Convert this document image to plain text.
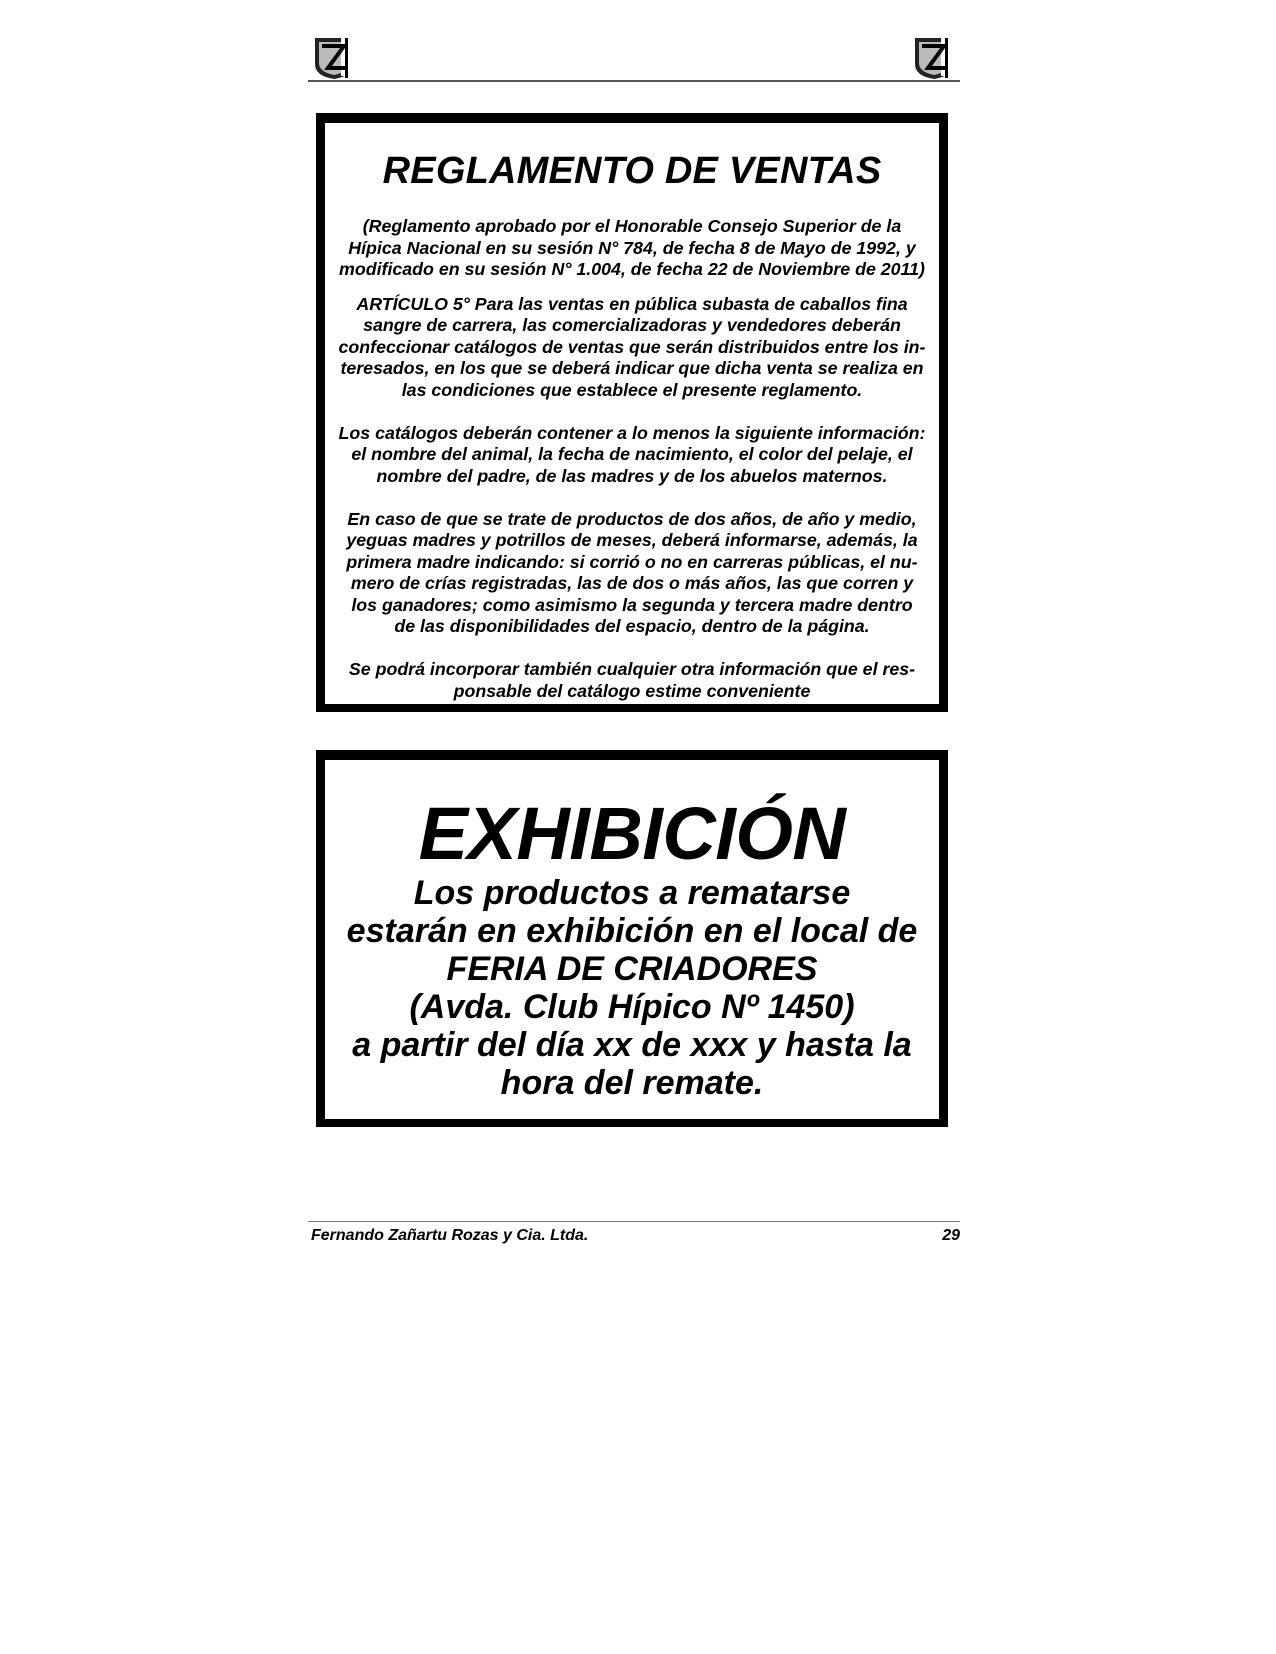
REGLAMENTO DE VENTAS

(Reglamento aprobado por el Honorable Consejo Superior de la
Hípica Nacional en su sesión N° 784, de fecha 8 de Mayo de 1992, y
modificado en su sesión N° 1.004, de fecha 22 de Noviembre de 2011)

ARTÍCULO 5° Para las ventas en pública subasta de caballos fina
sangre de carrera, las comercializadoras y vendedores deberán
confeccionar catálogos de ventas que serán distribuidos entre los in-
teresados, en los que se deberá indicar que dicha venta se realiza en
las condiciones que establece el presente reglamento.

Los catálogos deberán contener a lo menos la siguiente información:
el nombre del animal, la fecha de nacimiento, el color del pelaje, el
nombre del padre, de las madres y de los abuelos maternos.

En caso de que se trate de productos de dos años, de año y medio,
yeguas madres y potrillos de meses, deberá informarse, además, la
primera madre indicando: si corrió o no en carreras públicas, el nu-
mero de crías registradas, las de dos o más años, las que corren y
los ganadores; como asimismo la segunda y tercera madre dentro
de las disponibilidades del espacio, dentro de la página.

Se podrá incorporar también cualquier otra información que el res-
ponsable del catálogo estime conveniente

EXHIBICIÓN

Los productos a rematarse

estarán en exhibición en el local de

FERIA DE CRIADORES

(Avda. Club Hípico Nº 1450)

a partir del día xx de xxx y hasta la

hora del remate.

Fernando Zañartu Rozas y Cia. Ltda.	29
